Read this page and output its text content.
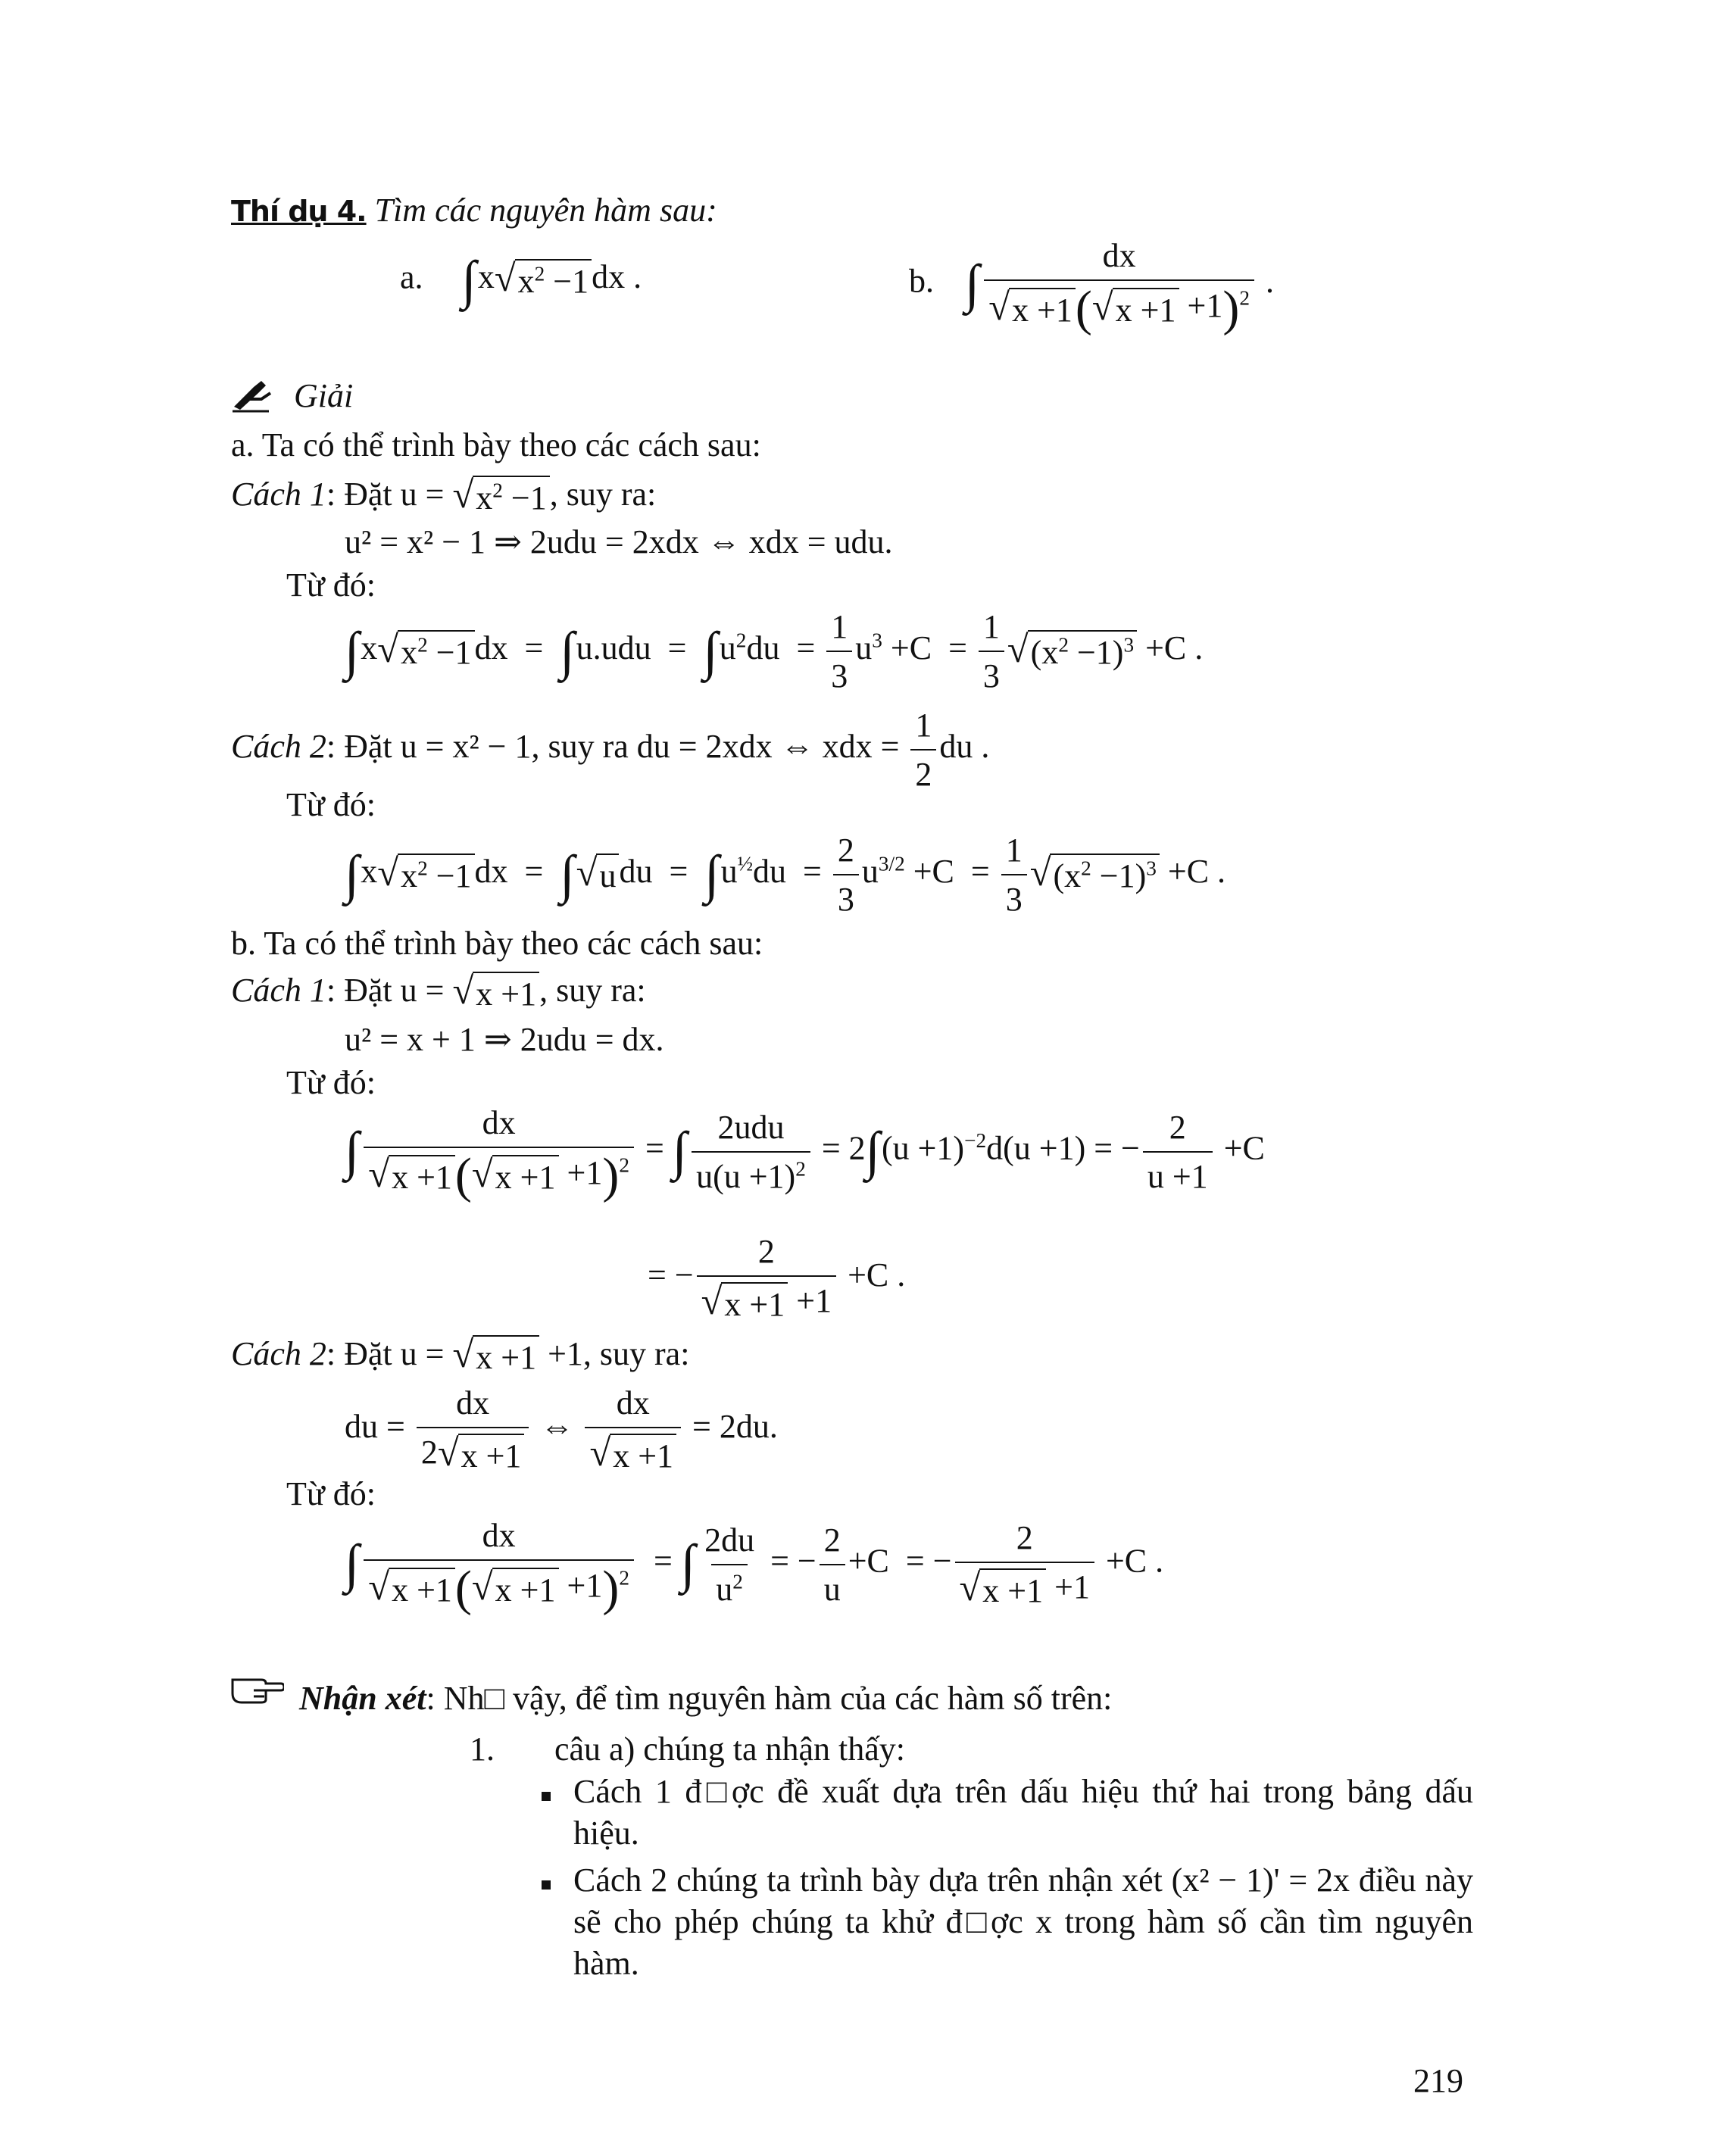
Thí dụ 4. Tìm các nguyên hàm sau:
a. ∫x √ $x^2 -1$ dx .	b. ∫ $\frac{dx}{√ x +1 ( √ x +1 +1)^2}$ .
Giải
a. Ta có thể trình bày theo các cách sau:
Cách 1: Đặt u = √ $x^2 -1$ , suy ra:
u² = x² − 1 ⇒ 2udu = 2xdx ⇔ xdx = udu.
Từ đó:
∫x √ $x^2 -1$ dx  =  $\int u.udu = \int u^2du = \frac{1}{3} u^3 +C = \frac{1}{3}$ √ $(x^2 -1)^3 +C$ .
Cách 2: Đặt u = x² − 1, suy ra du = 2xdx ⇔ xdx = $\frac{1}{2}$ du .
Từ đó:
∫x √ $x^2 -1$ dx  =  ∫ √ u du  =  $\int u^{\frac{1}{2}}du = \frac{2}{3} u^{3/2} +C = \frac{1}{3}$ √ $(x^2 -1)^3 +C$ .
b. Ta có thể trình bày theo các cách sau:
Cách 1: Đặt u = √ x +1 , suy ra:
u² = x + 1 ⇒ 2udu = dx.
Từ đó:
∫ $\frac{dx}{√ x +1 ( √ x +1 +1)^2}$ = ∫ $\frac{\text{2udu}}{u(u +1)^2} = 2\int(u +1)^{-2}d(u +1)$ = − $\frac{2}{u +1} +C$
= − $\frac{2}{√ x +1 +1} +C$ .
Cách 2: Đặt u = √ x +1 +1, suy ra:
du = $\frac{dx}{2 √ x +1}$ ⇔ $\frac{dx}{√ x +1} = 2du$.
Từ đó:
∫ $\frac{dx}{√ x +1 ( √ x +1 +1)^2}$ = ∫ $\frac{2du}{u^2}$ = − $\frac{2}{u} +C$  = − $\frac{2}{√ x +1 +1} +C$ .
Nhận xét: Nh□ vậy, để tìm nguyên hàm của các hàm số trên:
1. câu a) chúng ta nhận thấy:
Cách 1 đ□ợc đề xuất dựa trên dấu hiệu thứ hai trong bảng dấu hiệu.
Cách 2 chúng ta trình bày dựa trên nhận xét (x² − 1)' = 2x điều này sẽ cho phép chúng ta khử đ□ợc x trong hàm số cần tìm nguyên hàm.
219
